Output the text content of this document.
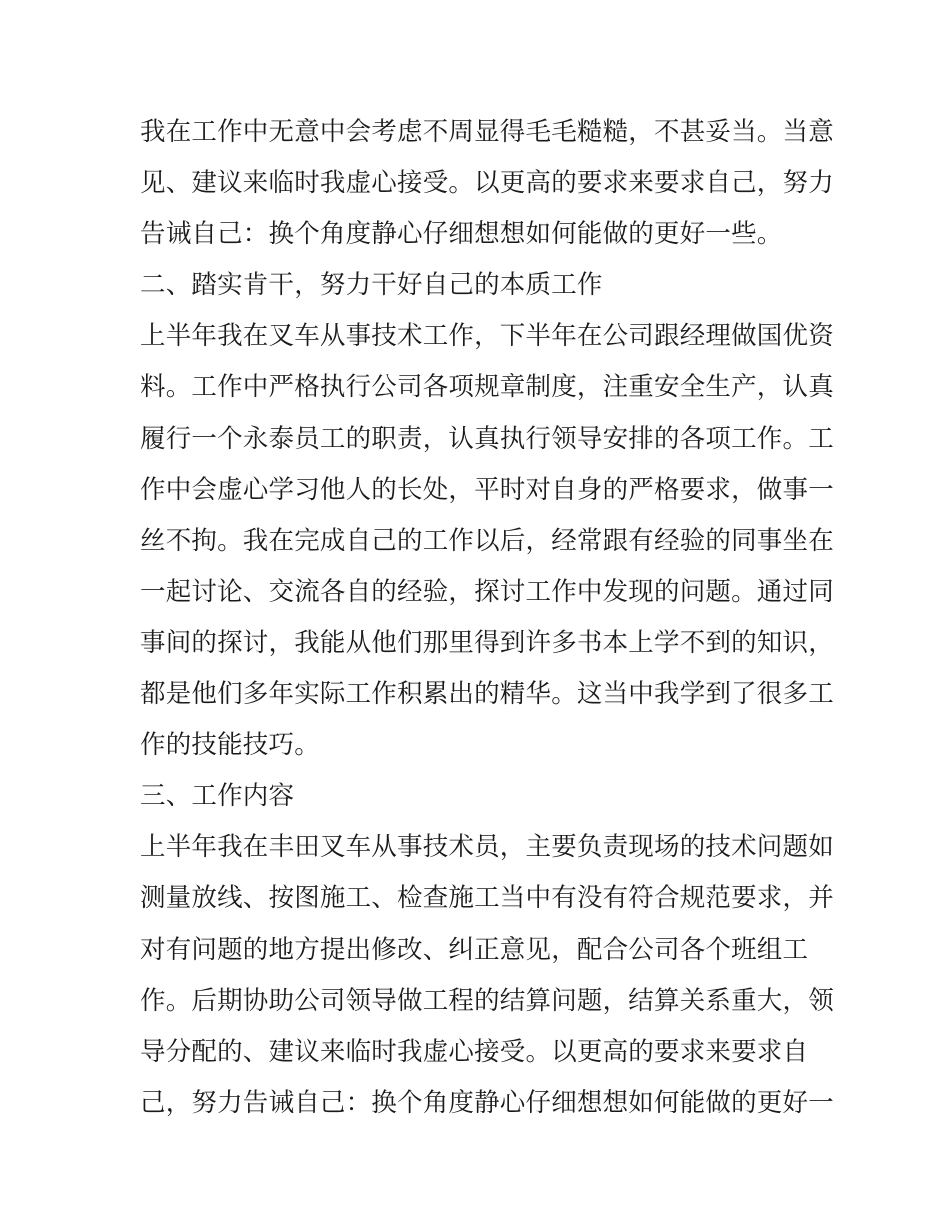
我在工作中无意中会考虑不周显得毛毛糙糙，不甚妥当。当意
见、建议来临时我虚心接受。以更高的要求来要求自己，努力
告诫自己：换个角度静心仔细想想如何能做的更好一些。
二、踏实肯干，努力干好自己的本质工作
上半年我在叉车从事技术工作，下半年在公司跟经理做国优资
料。工作中严格执行公司各项规章制度，注重安全生产，认真
履行一个永泰员工的职责，认真执行领导安排的各项工作。工
作中会虚心学习他人的长处，平时对自身的严格要求，做事一
丝不拘。我在完成自己的工作以后，经常跟有经验的同事坐在
一起讨论、交流各自的经验，探讨工作中发现的问题。通过同
事间的探讨，我能从他们那里得到许多书本上学不到的知识，
都是他们多年实际工作积累出的精华。这当中我学到了很多工
作的技能技巧。
三、工作内容
上半年我在丰田叉车从事技术员，主要负责现场的技术问题如
测量放线、按图施工、检查施工当中有没有符合规范要求，并
对有问题的地方提出修改、纠正意见，配合公司各个班组工
作。后期协助公司领导做工程的结算问题，结算关系重大，领
导分配的、建议来临时我虚心接受。以更高的要求来要求自
己，努力告诫自己：换个角度静心仔细想想如何能做的更好一
